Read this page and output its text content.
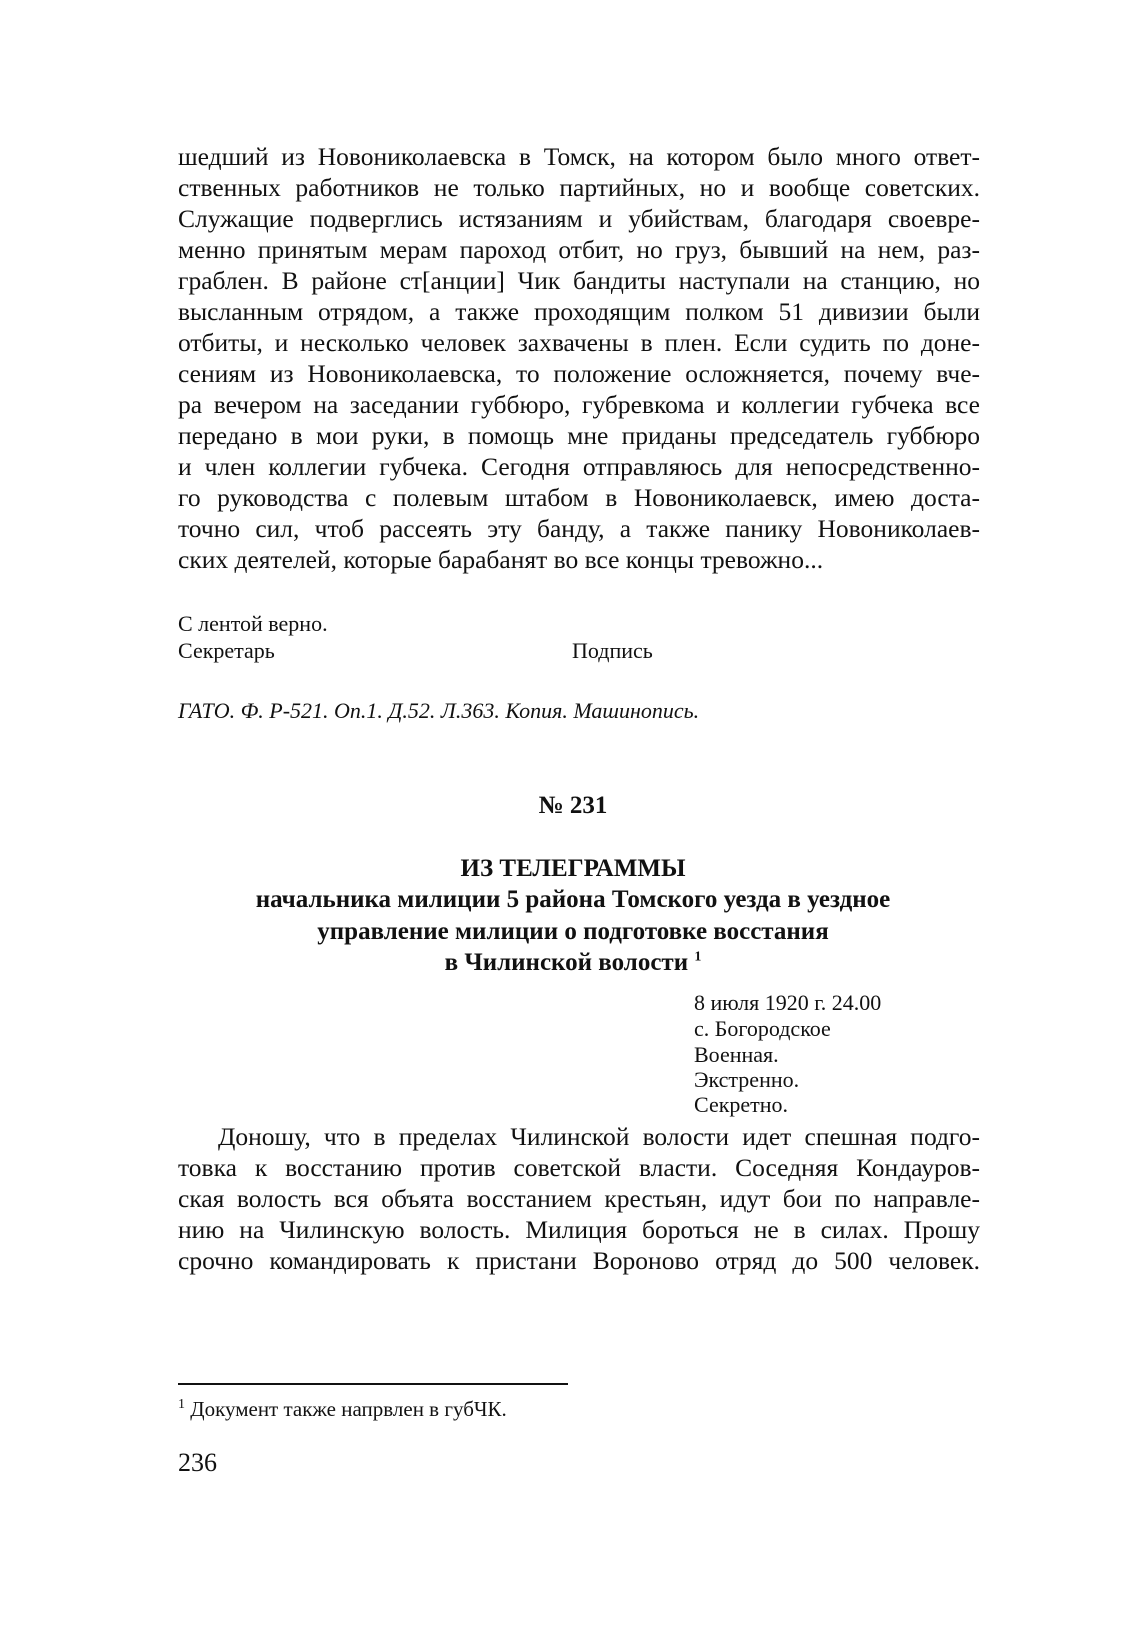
шедший из Новониколаевска в Томск, на котором было много ответ-
ственных работников не только партийных, но и вообще советских.
Служащие подверглись истязаниям и убийствам, благодаря своевре-
менно принятым мерам пароход отбит, но груз, бывший на нем, раз-
граблен. В районе ст[анции] Чик бандиты наступали на станцию, но
высланным отрядом, а также проходящим полком 51 дивизии были
отбиты, и несколько человек захвачены в плен. Если судить по доне-
сениям из Новониколаевска, то положение осложняется, почему вче-
ра вечером на заседании губбюро, губревкома и коллегии губчека все
передано в мои руки, в помощь мне приданы председатель губбюро
и член коллегии губчека. Сегодня отправляюсь для непосредственно-
го руководства с полевым штабом в Новониколаевск, имею доста-
точно сил, чтоб рассеять эту банду, а также панику Новониколаев-
ских деятелей, которые барабанят во все концы тревожно...
С лентой верно.
Секретарь	Подпись
ГАТО. Ф. Р-521. Оп.1. Д.52. Л.363. Копия. Машинопись.
№ 231
ИЗ ТЕЛЕГРАММЫ
начальника милиции 5 района Томского уезда в уездное
управление милиции о подготовке восстания
в Чилинской волости $^1$
8 июля 1920 г. 24.00
с. Богородское
Военная.
Экстренно.
Секретно.
Доношу, что в пределах Чилинской волости идет спешная подго-
товка к восстанию против советской власти. Соседняя Кондауров-
ская волость вся объята восстанием крестьян, идут бои по направле-
нию на Чилинскую волость. Милиция бороться не в силах. Прошу
срочно командировать к пристани Вороново отряд до 500 человек.
$^1$ Документ также напрвлен в губЧК.
236
